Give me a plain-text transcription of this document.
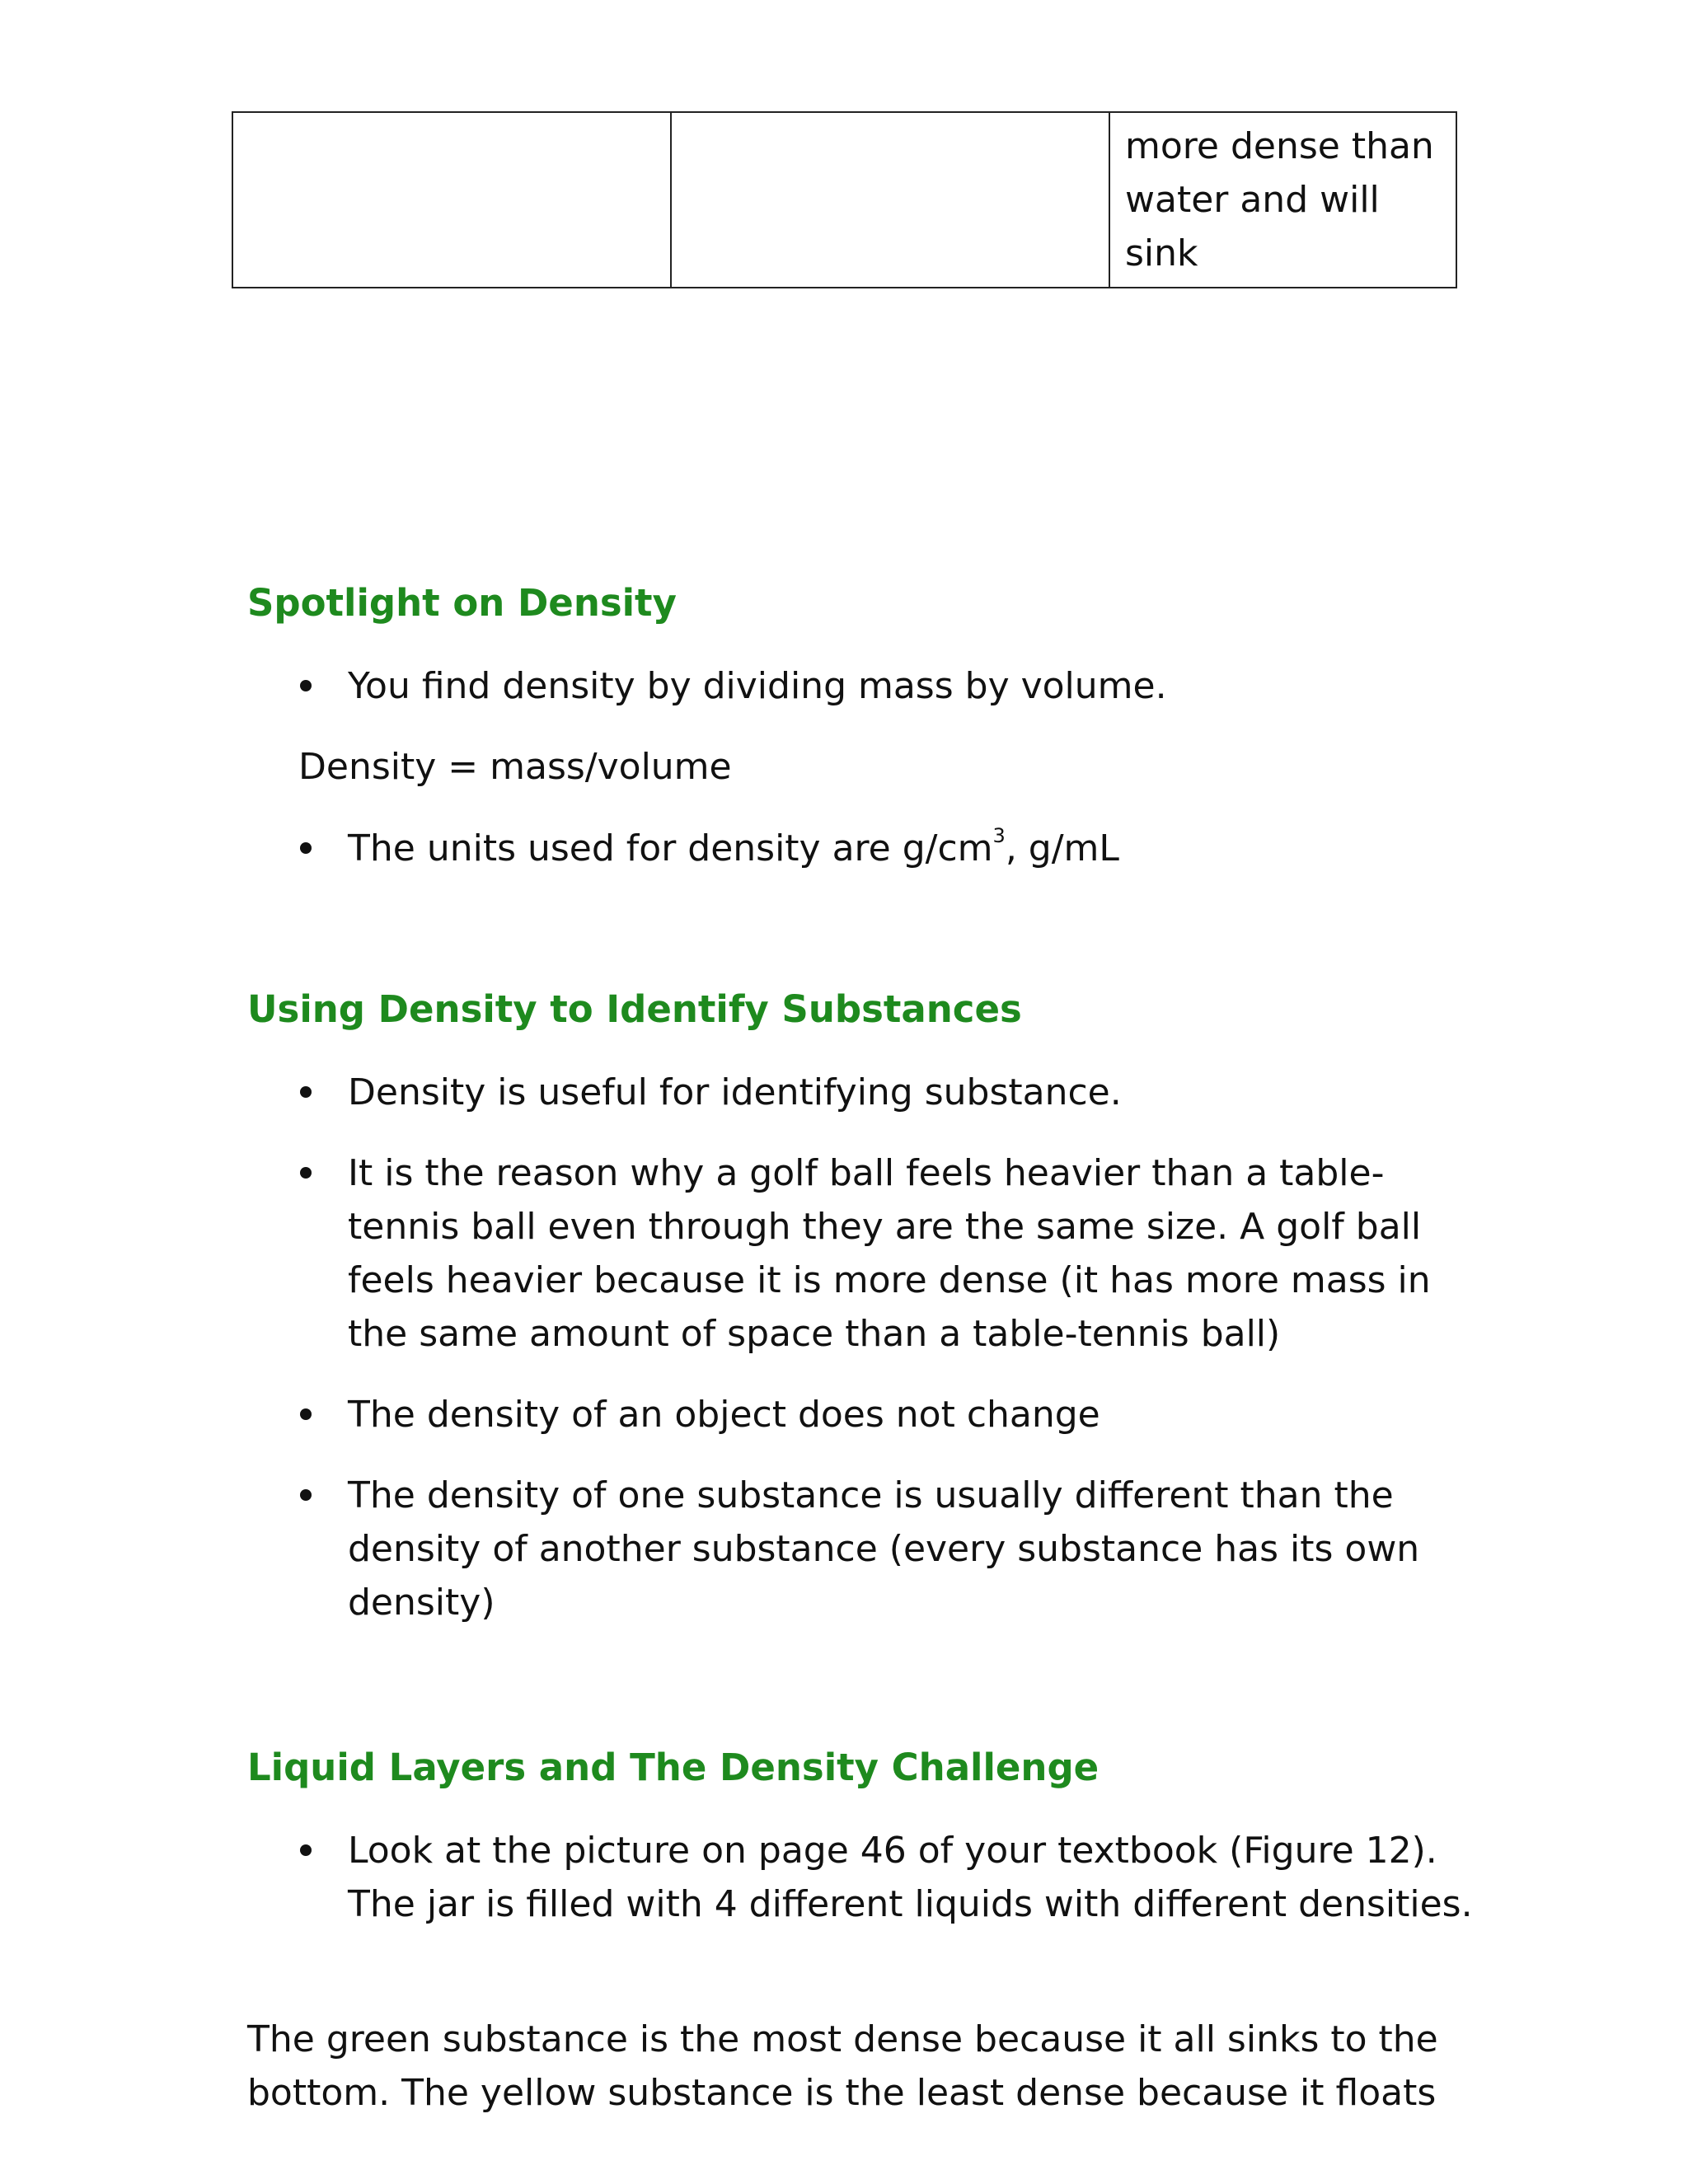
		more dense than water and will sink
Spotlight on Density
You find density by dividing mass by volume.

Density = mass/volume

The units used for density are $g/cm^3$, g/mL
Using Density to Identify Substances
Density is useful for identifying substance.
It is the reason why a golf ball feels heavier than a table-tennis ball even through they are the same size. A golf ball feels heavier because it is more dense (it has more mass in the same amount of space than a table-tennis ball)
The density of an object does not change
The density of one substance is usually different than the density of another substance (every substance has its own density)
Liquid Layers and The Density Challenge
Look at the picture on page 46 of your textbook (Figure 12). The jar is filled with 4 different liquids with different densities.

The green substance is the most dense because it all sinks to the bottom. The yellow substance is the least dense because it floats
